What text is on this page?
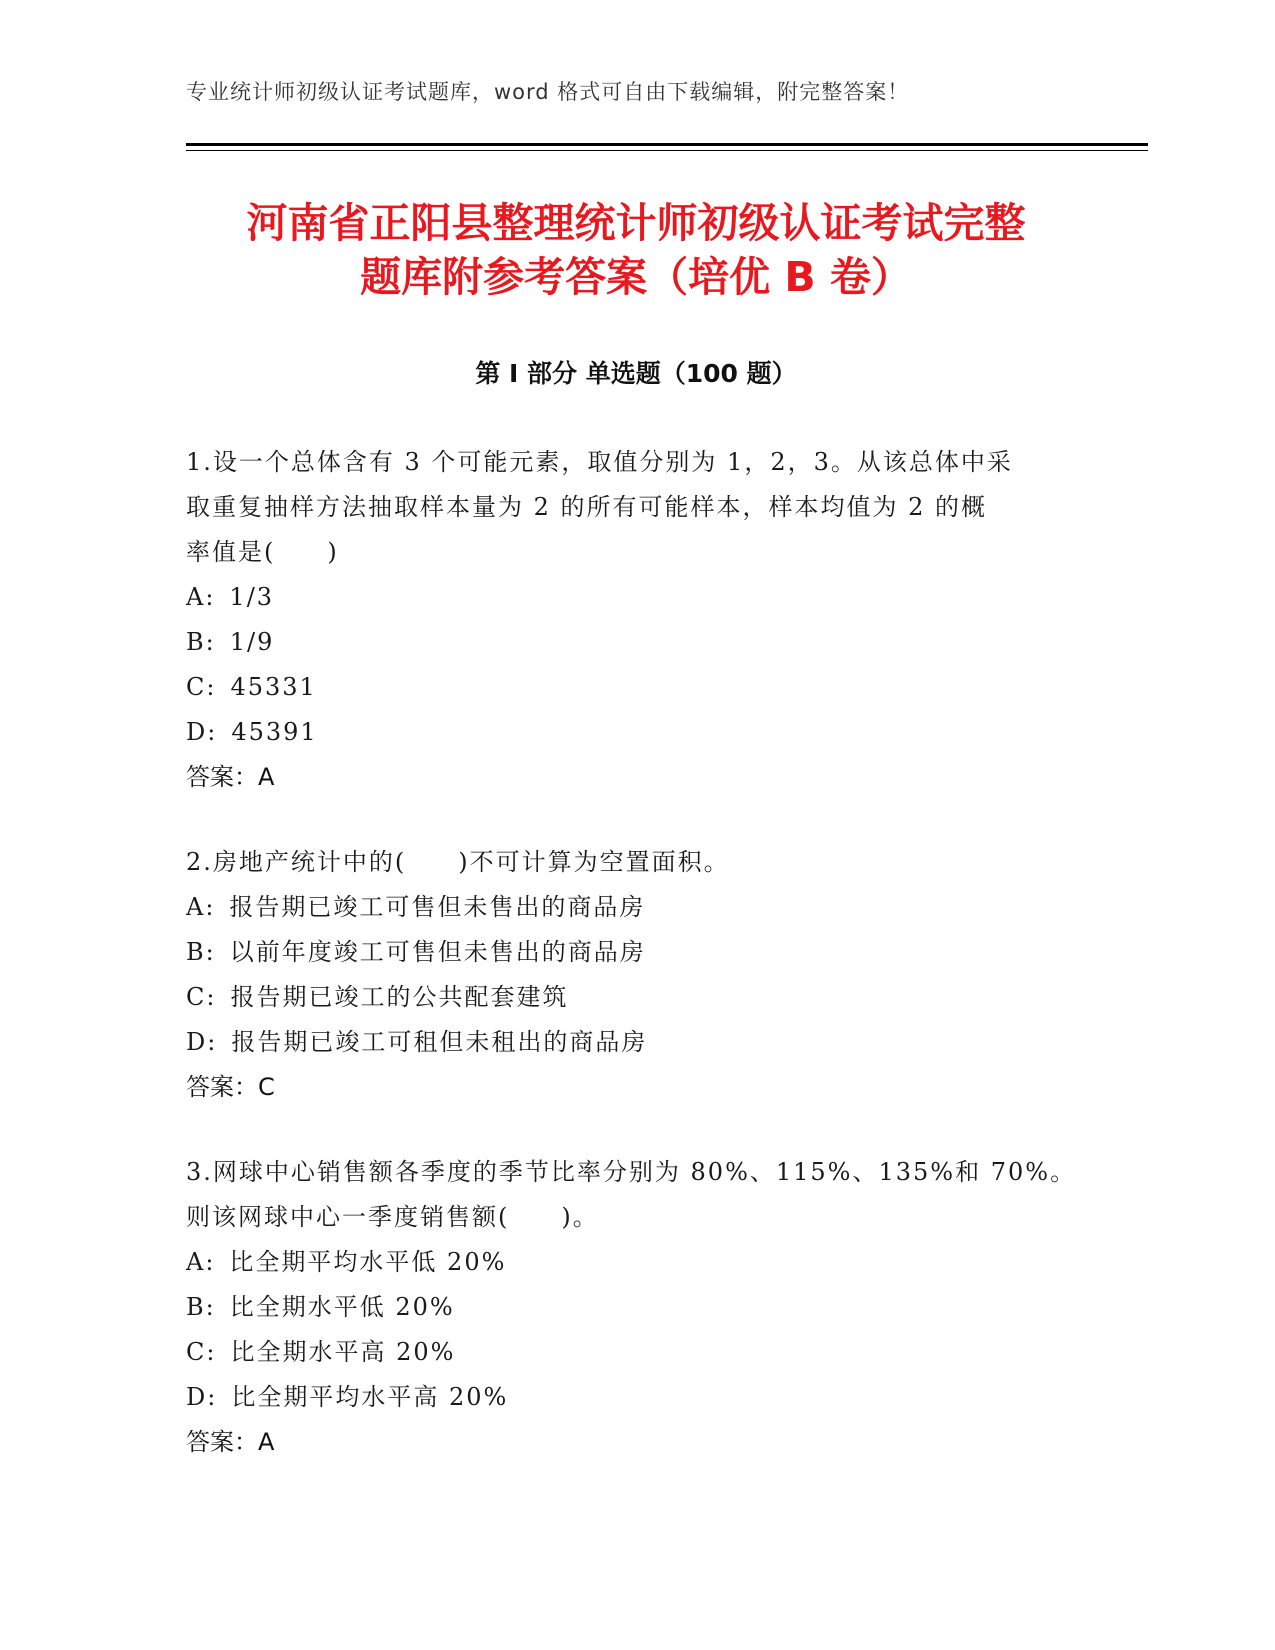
专业统计师初级认证考试题库，word 格式可自由下载编辑，附完整答案！
河南省正阳县整理统计师初级认证考试完整
题库附参考答案（培优 B 卷）
第 I 部分 单选题（100 题）
1.设一个总体含有 3 个可能元素，取值分别为 1，2，3。从该总体中采
取重复抽样方法抽取样本量为 2 的所有可能样本，样本均值为 2 的概
率值是(　　)
A: 1/3
B: 1/9
C: 45331
D: 45391
答案：A
2.房地产统计中的(　　)不可计算为空置面积。
A: 报告期已竣工可售但未售出的商品房
B: 以前年度竣工可售但未售出的商品房
C: 报告期已竣工的公共配套建筑
D: 报告期已竣工可租但未租出的商品房
答案：C
3.网球中心销售额各季度的季节比率分别为 80%、115%、135%和 70%。
则该网球中心一季度销售额(　　)。
A: 比全期平均水平低 20%
B: 比全期水平低 20%
C: 比全期水平高 20%
D: 比全期平均水平高 20%
答案：A
